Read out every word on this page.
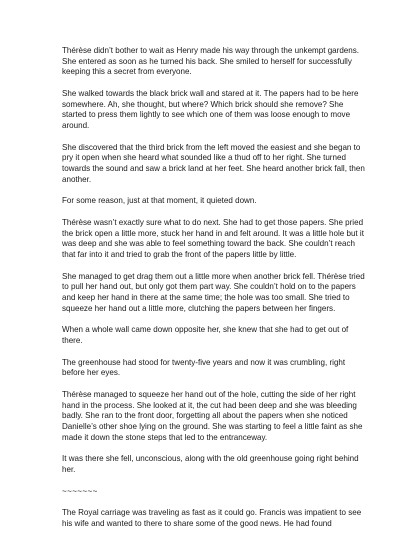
Thérèse didn’t bother to wait as Henry made his way through the unkempt gardens. She entered as soon as he turned his back. She smiled to herself for successfully keeping this a secret from everyone.

She walked towards the black brick wall and stared at it. The papers had to be here somewhere. Ah, she thought, but where? Which brick should she remove? She started to press them lightly to see which one of them was loose enough to move around.

She discovered that the third brick from the left moved the easiest and she began to pry it open when she heard what sounded like a thud off to her right. She turned towards the sound and saw a brick land at her feet. She heard another brick fall, then another.

For some reason, just at that moment, it quieted down.

Thérèse wasn’t exactly sure what to do next. She had to get those papers. She pried the brick open a little more, stuck her hand in and felt around. It was a little hole but it was deep and she was able to feel something toward the back. She couldn’t reach that far into it and tried to grab the front of the papers little by little.

She managed to get drag them out a little more when another brick fell. Thérèse tried to pull her hand out, but only got them part way. She couldn’t hold on to the papers and keep her hand in there at the same time; the hole was too small. She tried to squeeze her hand out a little more, clutching the papers between her fingers.

When a whole wall came down opposite her, she knew that she had to get out of there.

The greenhouse had stood for twenty-five years and now it was crumbling, right before her eyes.

Thérèse managed to squeeze her hand out of the hole, cutting the side of her right hand in the process. She looked at it, the cut had been deep and she was bleeding badly. She ran to the front door, forgetting all about the papers when she noticed Danielle’s other shoe lying on the ground. She was starting to feel a little faint as she made it down the stone steps that led to the entranceway.

It was there she fell, unconscious, along with the old greenhouse going right behind her.

~~~~~~~

The Royal carriage was traveling as fast as it could go. Francis was impatient to see his wife and wanted to there to share some of the good news. He had found
